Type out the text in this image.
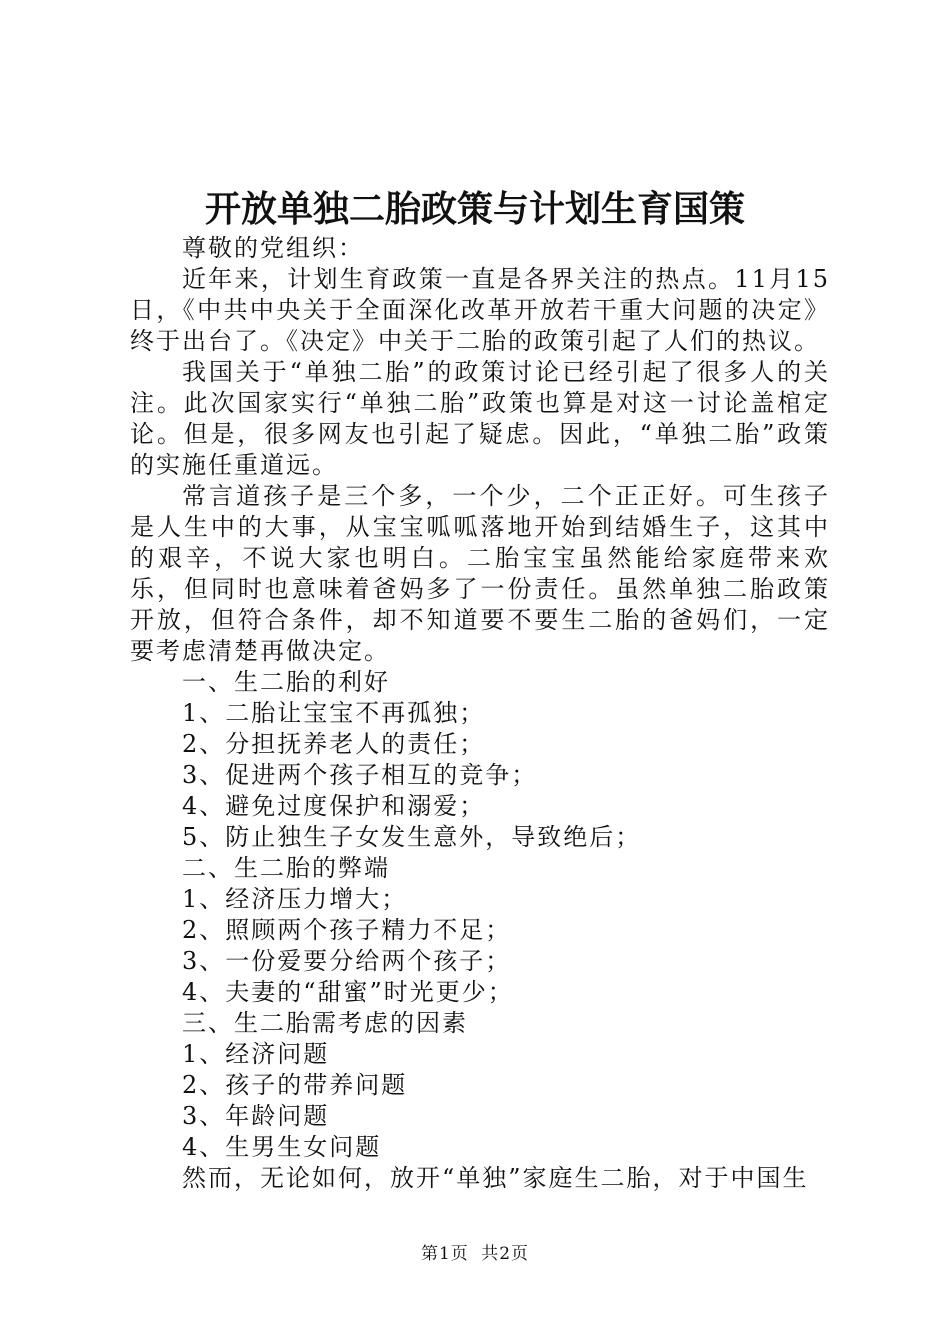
开放单独二胎政策与计划生育国策

尊敬的党组织：

近年来，计划生育政策一直是各界关注的热点。11月15日，《中共中央关于全面深化改革开放若干重大问题的决定》终于出台了。《决定》中关于二胎的政策引起了人们的热议。

我国关于“单独二胎”的政策讨论已经引起了很多人的关注。此次国家实行“单独二胎”政策也算是对这一讨论盖棺定论。但是，很多网友也引起了疑虑。因此，“单独二胎”政策的实施任重道远。

常言道孩子是三个多，一个少，二个正正好。可生孩子是人生中的大事，从宝宝呱呱落地开始到结婚生子，这其中的艰辛，不说大家也明白。二胎宝宝虽然能给家庭带来欢乐，但同时也意味着爸妈多了一份责任。虽然单独二胎政策开放，但符合条件，却不知道要不要生二胎的爸妈们，一定要考虑清楚再做决定。

一、生二胎的利好

1、二胎让宝宝不再孤独；

2、分担抚养老人的责任；

3、促进两个孩子相互的竞争；

4、避免过度保护和溺爱；

5、防止独生子女发生意外，导致绝后；

二、生二胎的弊端

1、经济压力增大；

2、照顾两个孩子精力不足；

3、一份爱要分给两个孩子；

4、夫妻的“甜蜜”时光更少；

三、生二胎需考虑的因素

1、经济问题

2、孩子的带养问题

3、年龄问题

4、生男生女问题

然而，无论如何，放开“单独”家庭生二胎，对于中国生

第1页 共2页
